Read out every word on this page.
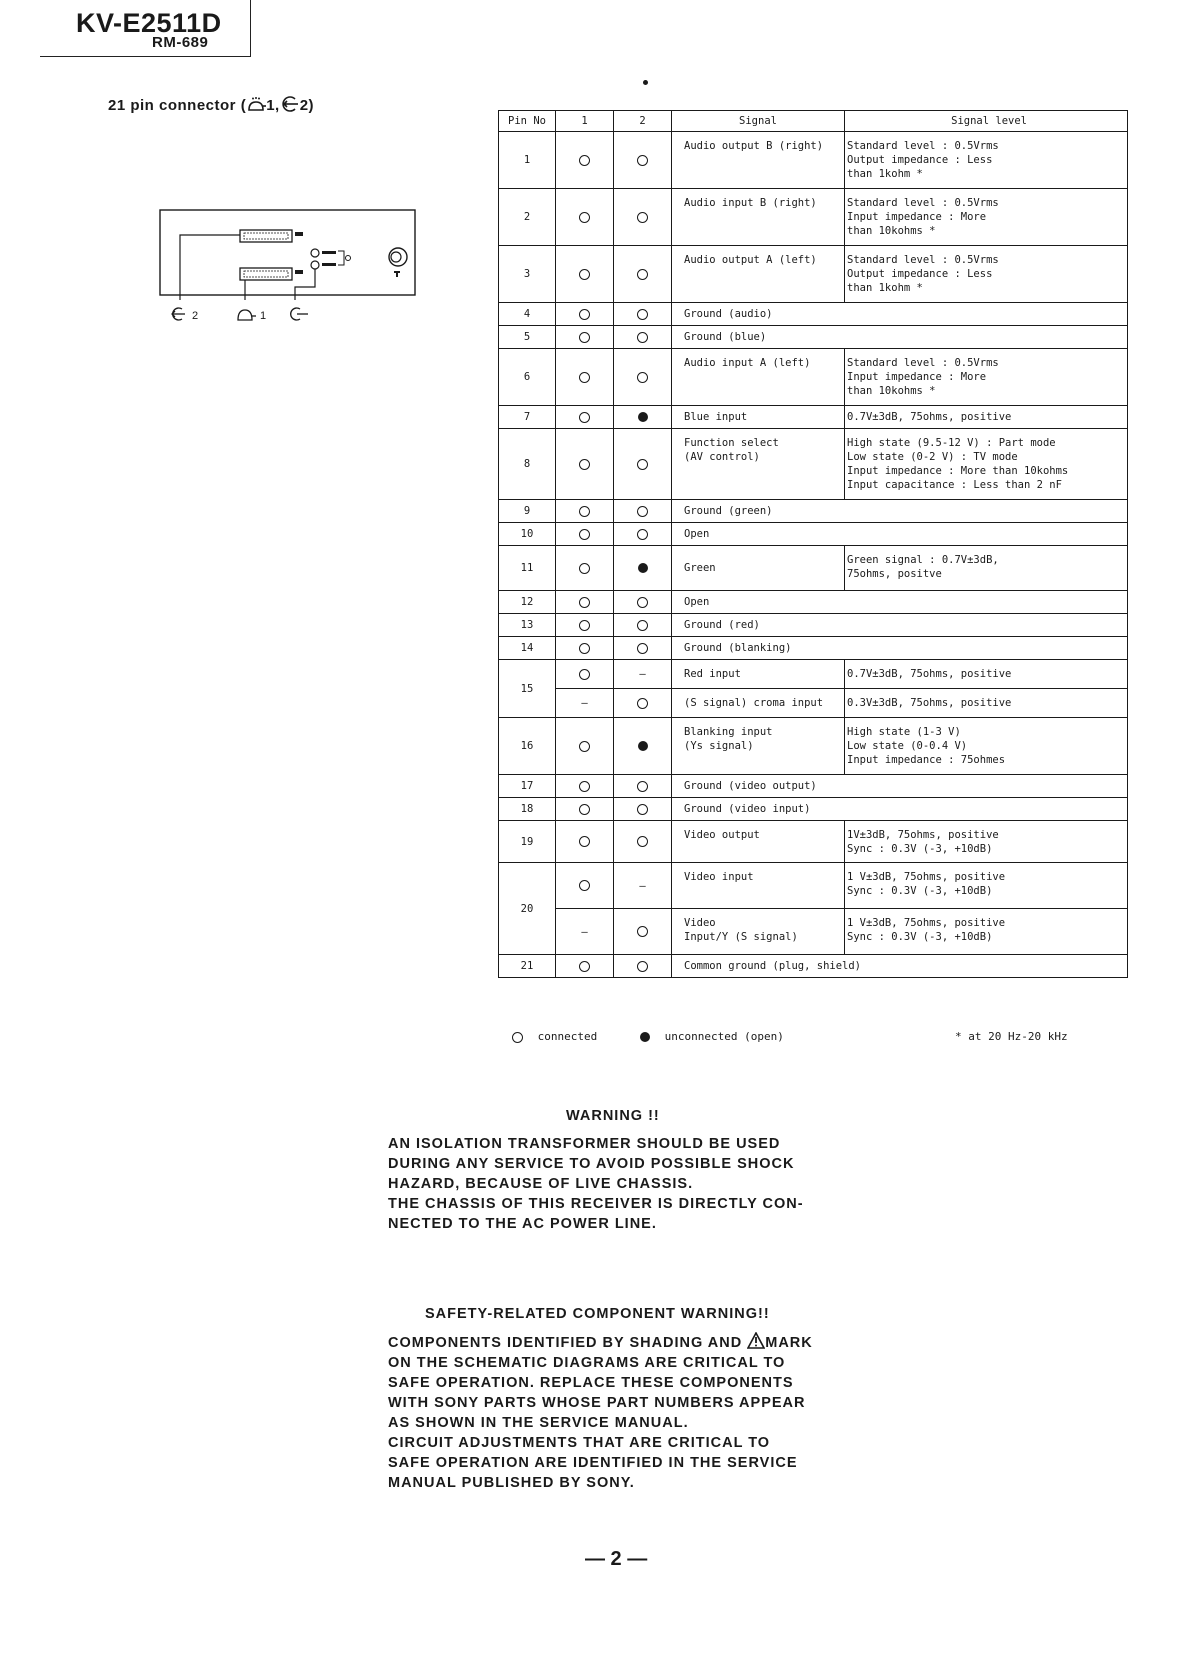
KV-E2511D
RM-689
21 pin connector ( 1, 2)
2	1
Pin No	1	2	Signal	Signal level
1			Audio output B (right)	Standard level : 0.5Vrms
Output impedance : Less
than 1kohm *

2			Audio input B (right)	Standard level : 0.5Vrms
Input impedance : More
than 10kohms *

3			Audio output A (left)	Standard level : 0.5Vrms
Output impedance : Less
than 1kohm *

4			Ground (audio)	

5			Ground (blue)	

6			Audio input A (left)	Standard level : 0.5Vrms
Input impedance : More
than 10kohms *

7			Blue input	0.7V±3dB, 75ohms, positive

8			Function select
(AV control)	High state (9.5-12 V) : Part mode
Low state (0-2 V) : TV mode
Input impedance : More than 10kohms
Input capacitance : Less than 2 nF

9			Ground (green)	

10			Open	

11			Green	Green signal : 0.7V±3dB,
75ohms, positve

12			Open	

13			Ground (red)	

14			Ground (blanking)	

15		–	Red input	0.7V±3dB, 75ohms, positive

	–		(S signal) croma input	0.3V±3dB, 75ohms, positive

16			Blanking input
(Ys signal)	High state (1-3 V)
Low state (0-0.4 V)
Input impedance : 75ohmes

17			Ground (video output)	

18			Ground (video input)	

19			Video output	1V±3dB, 75ohms, positive
Sync : 0.3V (-3, +10dB)

20		–	Video input	1 V±3dB, 75ohms, positive
Sync : 0.3V (-3, +10dB)

	–		Video
Input/Y (S signal)	1 V±3dB, 75ohms, positive
Sync : 0.3V (-3, +10dB)

21			Common ground (plug, shield)	
connected	unconnected (open)	* at 20 Hz-20 kHz
WARNING !!
AN ISOLATION TRANSFORMER SHOULD BE USED
DURING ANY SERVICE TO AVOID POSSIBLE SHOCK
HAZARD, BECAUSE OF LIVE CHASSIS.
THE CHASSIS OF THIS RECEIVER IS DIRECTLY CON-
NECTED TO THE AC POWER LINE.
SAFETY-RELATED COMPONENT WARNING!!
COMPONENTS IDENTIFIED BY SHADING AND MARK
ON THE SCHEMATIC DIAGRAMS ARE CRITICAL TO
SAFE OPERATION. REPLACE THESE COMPONENTS
WITH SONY PARTS WHOSE PART NUMBERS APPEAR
AS SHOWN IN THE SERVICE MANUAL.
CIRCUIT ADJUSTMENTS THAT ARE CRITICAL TO
SAFE OPERATION ARE IDENTIFIED IN THE SERVICE
MANUAL PUBLISHED BY SONY.
— 2 —
